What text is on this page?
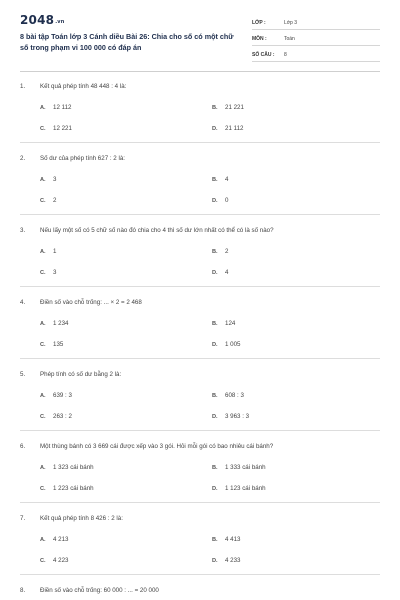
2048.vn
8 bài tập Toán lớp 3 Cánh diều Bài 26: Chia cho số có một chữ số trong phạm vi 100 000 có đáp án
LỚP :	Lớp 3
MÔN :	Toán
SỐ CÂU :	8
1. Kết quả phép tính 48 448 : 4 là:
A. 12 112	B. 21 221
C. 12 221	D. 21 112
2. Số dư của phép tính 627 : 2 là:
A. 3	B. 4
C. 2	D. 0
3. Nếu lấy một số có 5 chữ số nào đó chia cho 4 thì số dư lớn nhất có thể có là số nào?
A. 1	B. 2
C. 3	D. 4
4. Điền số vào chỗ trống: ... × 2 = 2 468
A. 1 234	B. 124
C. 135	D. 1 005
5. Phép tính có số dư bằng 2 là:
A. 639 : 3	B. 608 : 3
C. 263 : 2	D. 3 963 : 3
6. Một thùng bánh có 3 669 cái được xếp vào 3 gói. Hỏi mỗi gói có bao nhiêu cái bánh?
A. 1 323 cái bánh	B. 1 333 cái bánh
C. 1 223 cái bánh	D. 1 123 cái bánh
7. Kết quả phép tính 8 426 : 2 là:
A. 4 213	B. 4 413
C. 4 223	D. 4 233
8. Điền số vào chỗ trống: 60 000 : ... = 20 000
